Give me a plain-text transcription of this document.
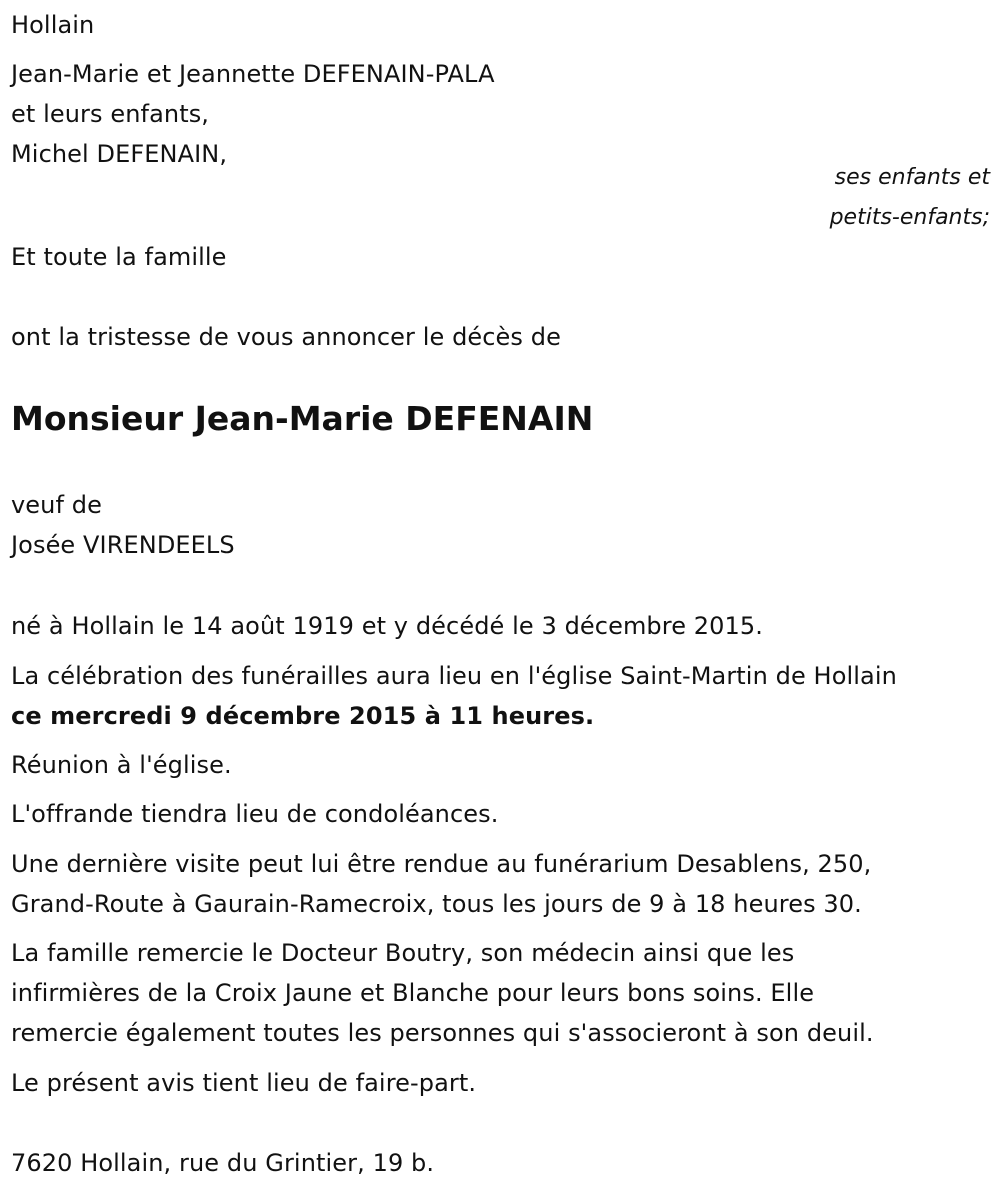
Hollain
Jean-Marie et Jeannette DEFENAIN-PALA
et leurs enfants,
Michel DEFENAIN,
ses enfants et
petits-enfants;
Et toute la famille
ont la tristesse de vous annoncer le décès de
Monsieur Jean-Marie DEFENAIN
veuf de
Josée VIRENDEELS
né à Hollain le 14 août 1919 et y décédé le 3 décembre 2015.
La célébration des funérailles aura lieu en l'église Saint-Martin de Hollain
ce mercredi 9 décembre 2015 à 11 heures.
Réunion à l'église.
L'offrande tiendra lieu de condoléances.
Une dernière visite peut lui être rendue au funérarium Desablens, 250,
Grand-Route à Gaurain-Ramecroix, tous les jours de 9 à 18 heures 30.
La famille remercie le Docteur Boutry, son médecin ainsi que les
infirmières de la Croix Jaune et Blanche pour leurs bons soins. Elle
remercie également toutes les personnes qui s'associeront à son deuil.
Le présent avis tient lieu de faire-part.
7620 Hollain, rue du Grintier, 19 b.
